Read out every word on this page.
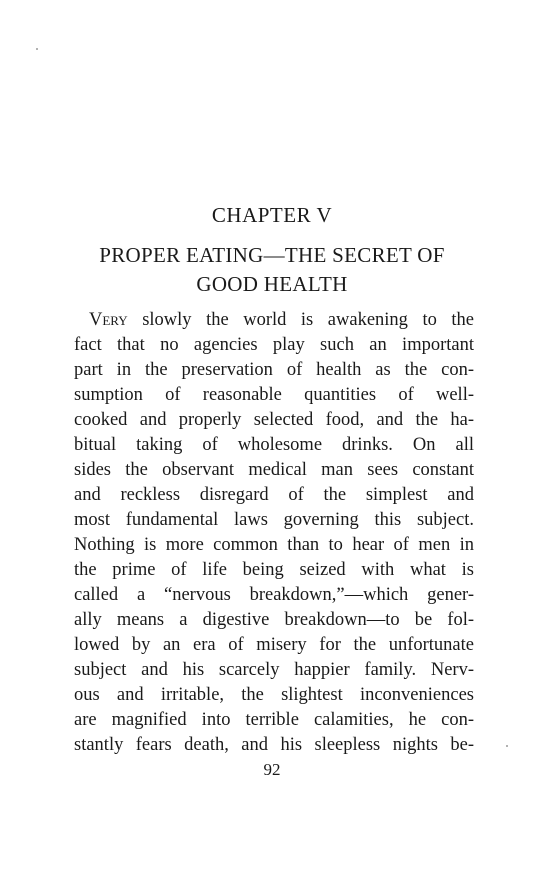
CHAPTER V
PROPER EATING—THE SECRET OF
GOOD HEALTH
Very slowly the world is awakening to the
fact that no agencies play such an important
part in the preservation of health as the con-
sumption of reasonable quantities of well-
cooked and properly selected food, and the ha-
bitual taking of wholesome drinks. On all
sides the observant medical man sees constant
and reckless disregard of the simplest and
most fundamental laws governing this subject.
Nothing is more common than to hear of men in
the prime of life being seized with what is
called a “nervous breakdown,”—which gener-
ally means a digestive breakdown—to be fol-
lowed by an era of misery for the unfortunate
subject and his scarcely happier family. Nerv-
ous and irritable, the slightest inconveniences
are magnified into terrible calamities, he con-
stantly fears death, and his sleepless nights be-
92
